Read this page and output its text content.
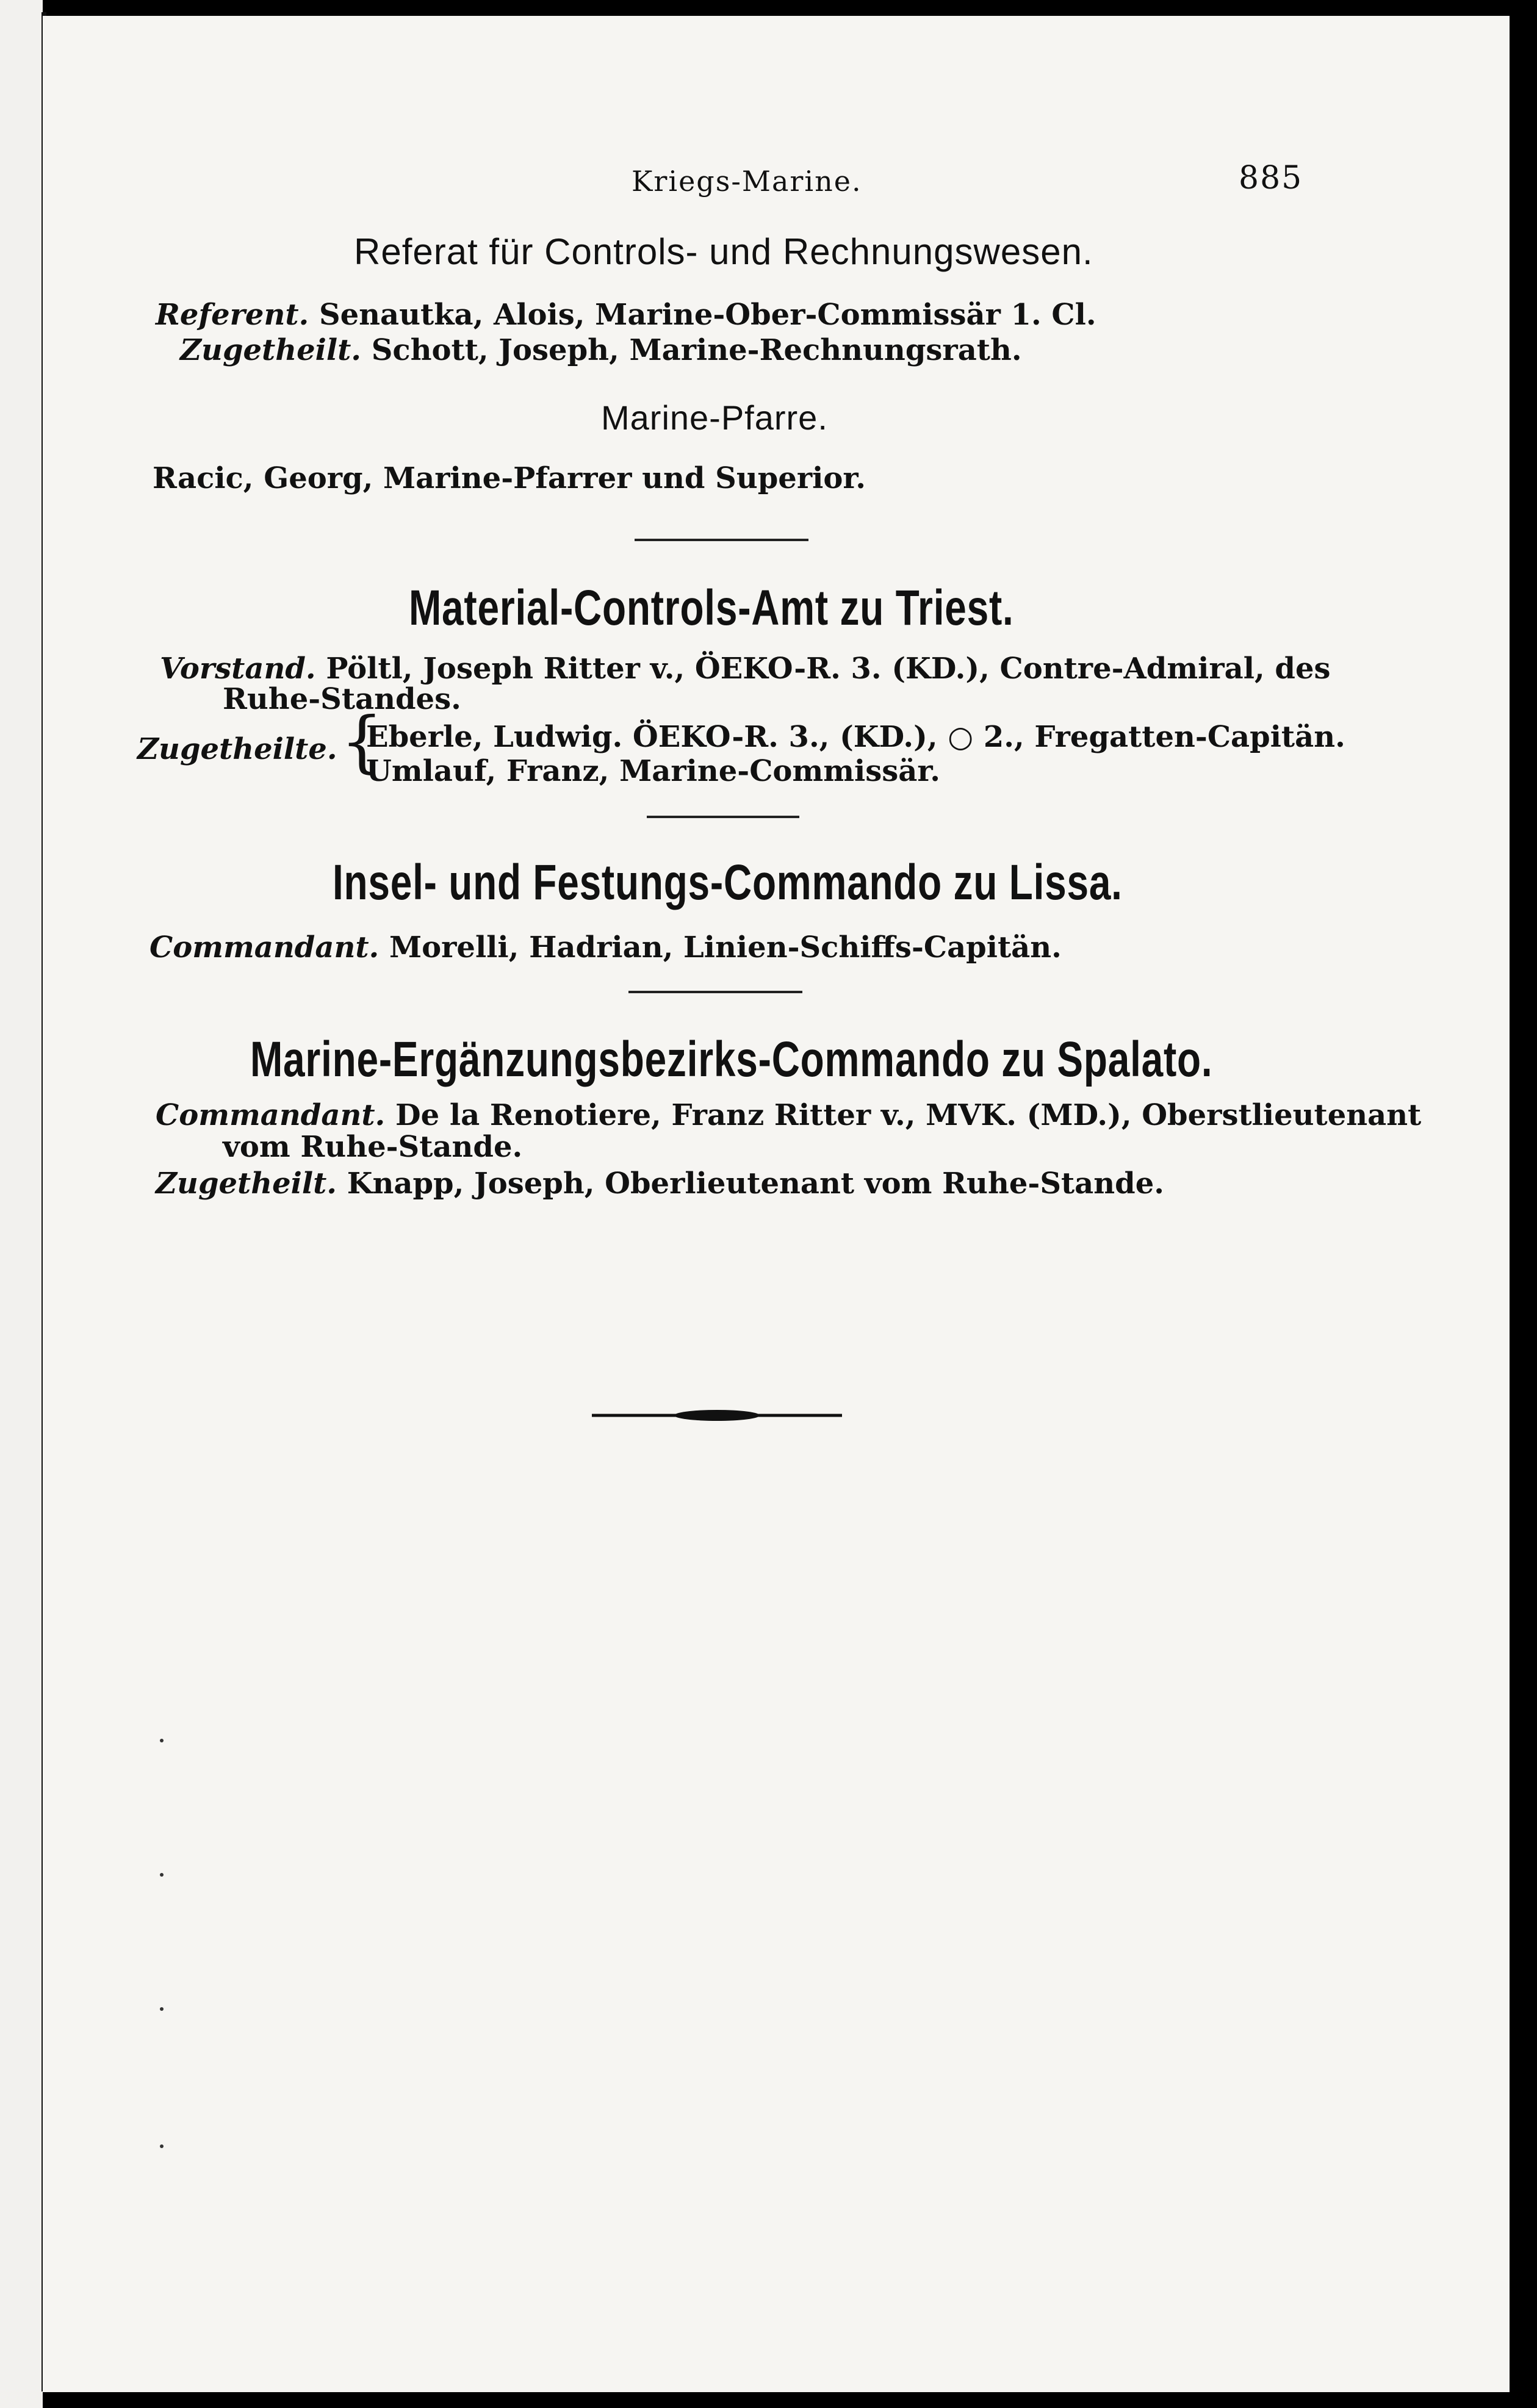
Kriegs-Marine.	885
Referat für Controls- und Rechnungswesen.
Referent. Senautka, Alois, Marine-Ober-Commissär 1. Cl.
Zugetheilt. Schott, Joseph, Marine-Rechnungsrath.
Marine-Pfarre.
Racic, Georg, Marine-Pfarrer und Superior.
Material-Controls-Amt zu Triest.
Vorstand. Pöltl, Joseph Ritter v., ÖEKO-R. 3. (KD.), Contre-Admiral, des
Ruhe-Standes.
Zugetheilte. {
Eberle, Ludwig. ÖEKO-R. 3., (KD.), ○ 2., Fregatten-Capitän.
Umlauf, Franz, Marine-Commissär.
Insel- und Festungs-Commando zu Lissa.
Commandant. Morelli, Hadrian, Linien-Schiffs-Capitän.
Marine-Ergänzungsbezirks-Commando zu Spalato.
Commandant. De la Renotiere, Franz Ritter v., MVK. (MD.), Oberstlieutenant
vom Ruhe-Stande.
Zugetheilt. Knapp, Joseph, Oberlieutenant vom Ruhe-Stande.
